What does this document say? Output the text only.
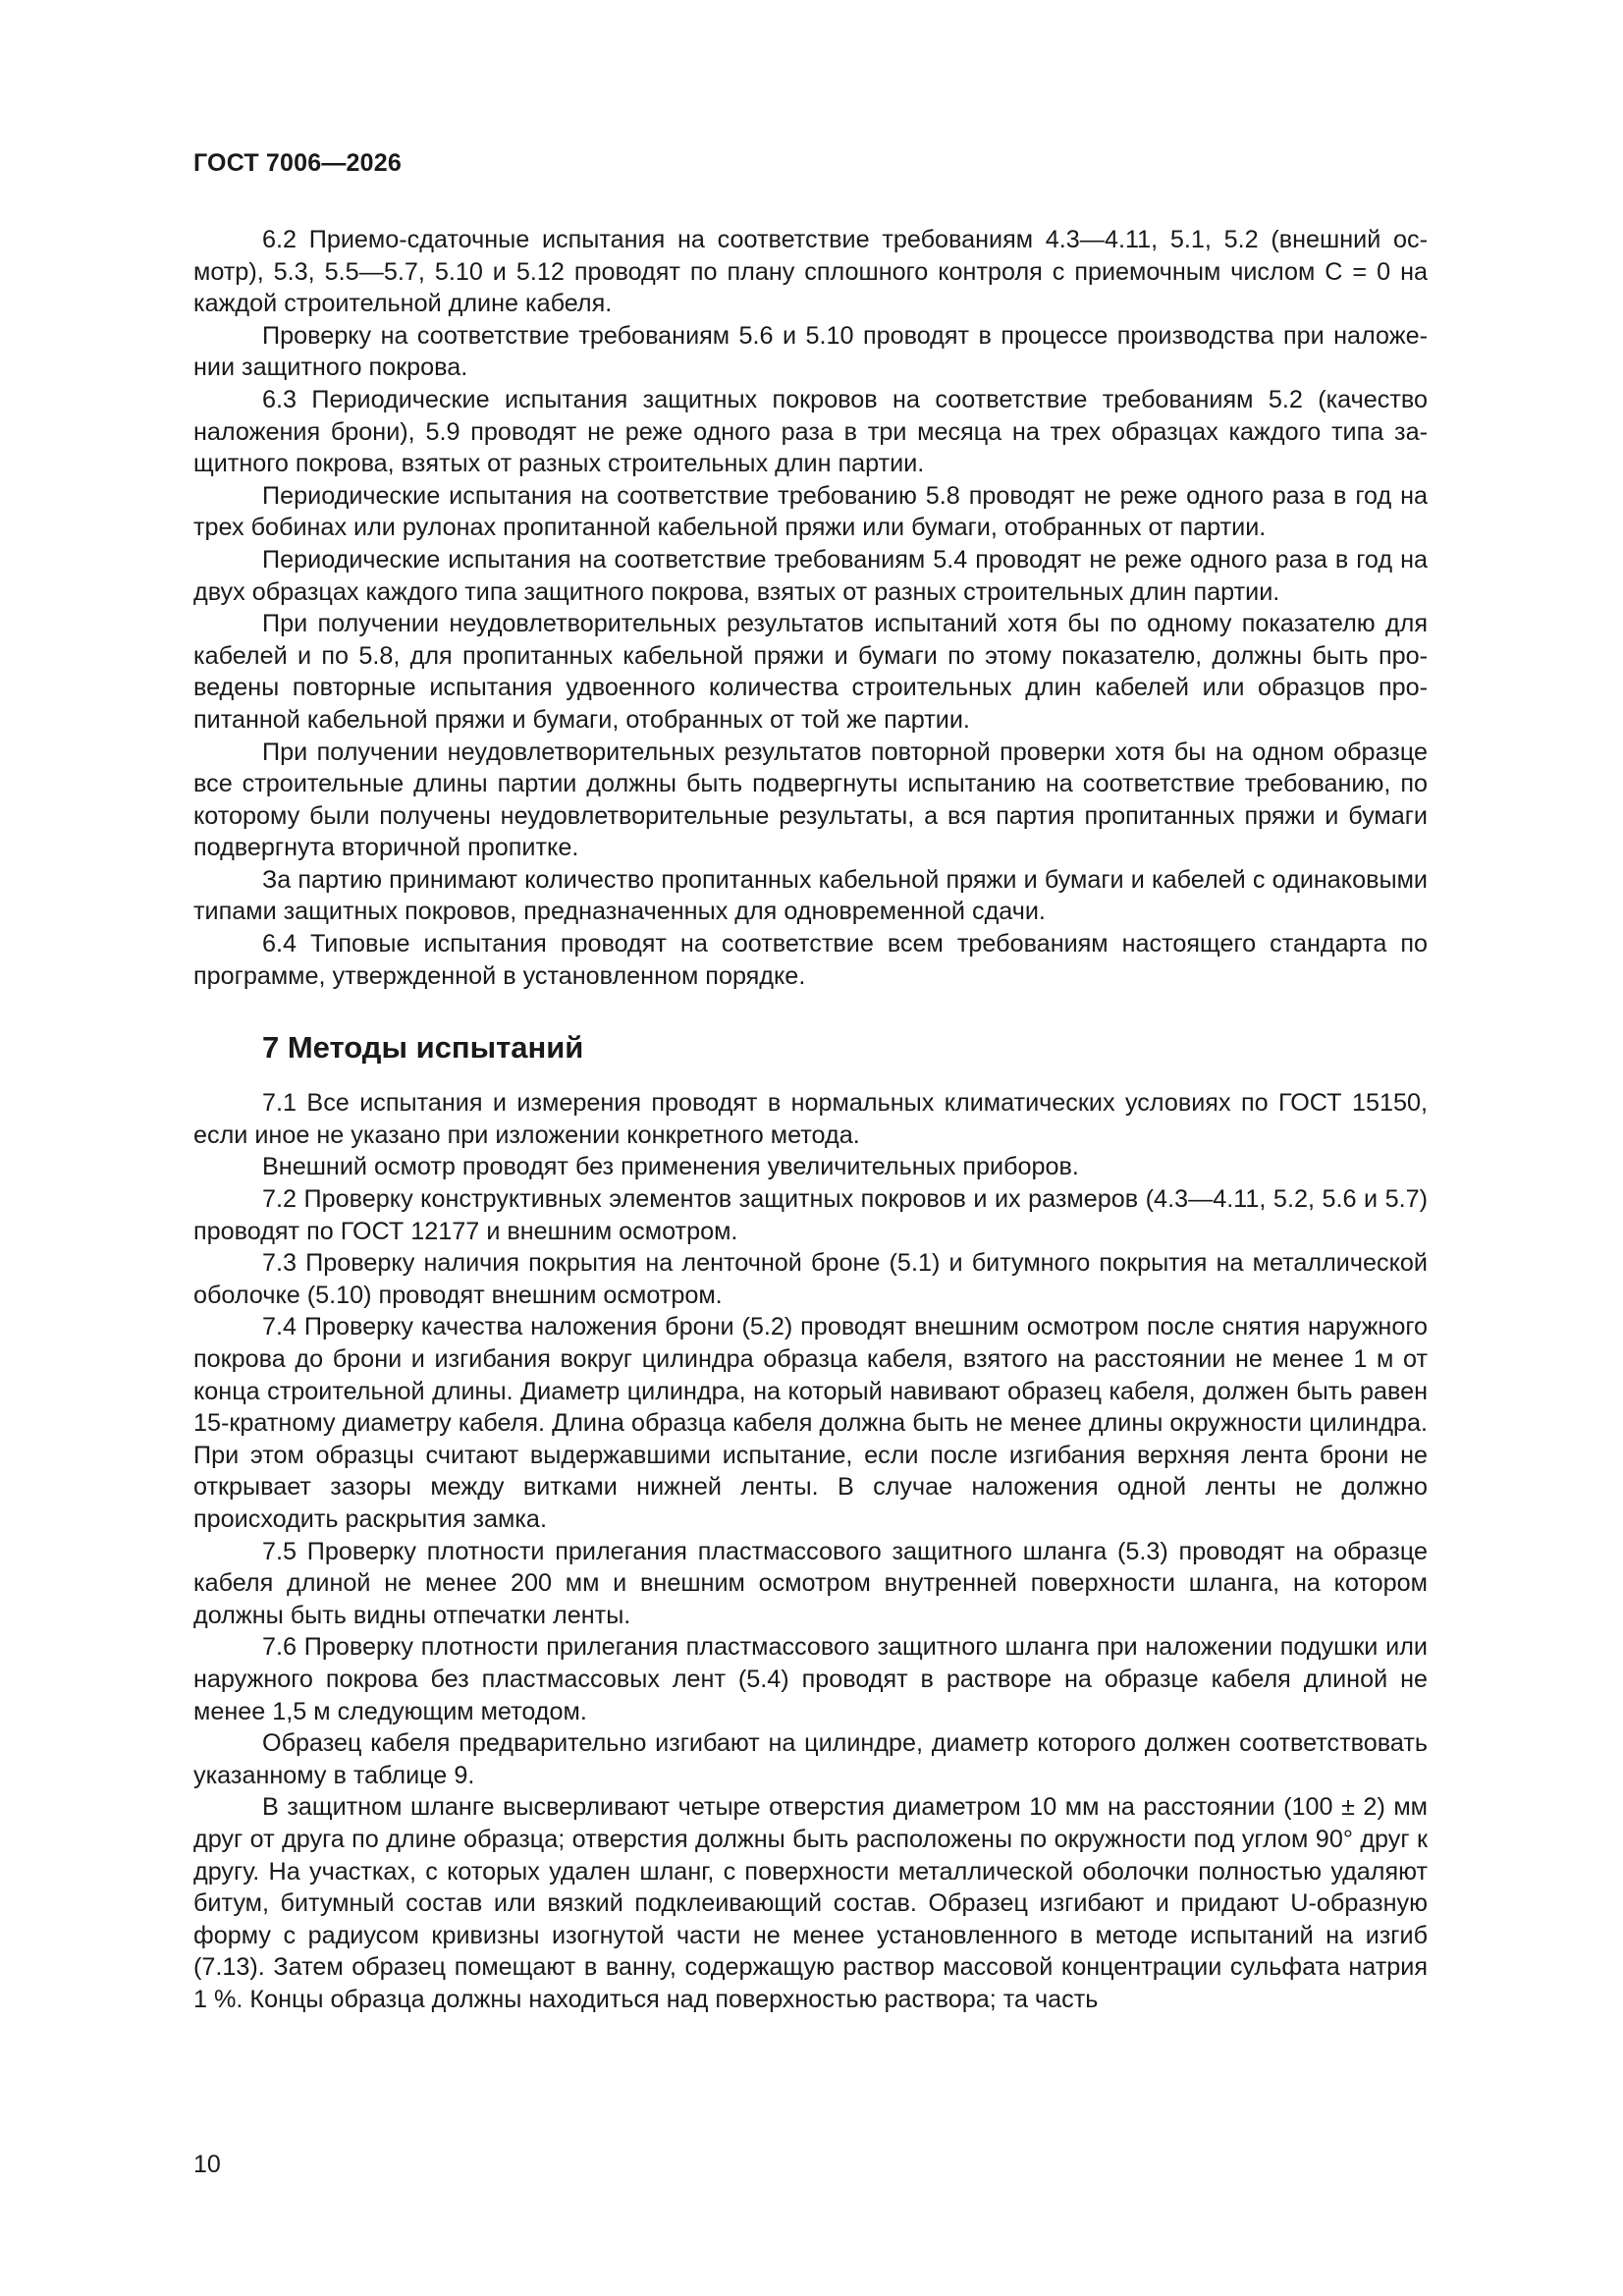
ГОСТ 7006—2026

6.2 Приемо-сдаточные испытания на соответствие требованиям 4.3—4.11, 5.1, 5.2 (внешний осмотр), 5.3, 5.5—5.7, 5.10 и 5.12 проводят по плану сплошного контроля с приемочным числом C = 0 на каждой строительной длине кабеля.

Проверку на соответствие требованиям 5.6 и 5.10 проводят в процессе производства при наложении защитного покрова.

6.3 Периодические испытания защитных покровов на соответствие требованиям 5.2 (качество наложения брони), 5.9 проводят не реже одного раза в три месяца на трех образцах каждого типа защитного покрова, взятых от разных строительных длин партии.

Периодические испытания на соответствие требованию 5.8 проводят не реже одного раза в год на трех бобинах или рулонах пропитанной кабельной пряжи или бумаги, отобранных от партии.

Периодические испытания на соответствие требованиям 5.4 проводят не реже одного раза в год на двух образцах каждого типа защитного покрова, взятых от разных строительных длин партии.

При получении неудовлетворительных результатов испытаний хотя бы по одному показателю для кабелей и по 5.8, для пропитанных кабельной пряжи и бумаги по этому показателю, должны быть проведены повторные испытания удвоенного количества строительных длин кабелей или образцов пропитанной кабельной пряжи и бумаги, отобранных от той же партии.

При получении неудовлетворительных результатов повторной проверки хотя бы на одном образце все строительные длины партии должны быть подвергнуты испытанию на соответствие требованию, по которому были получены неудовлетворительные результаты, а вся партия пропитанных пряжи и бумаги подвергнута вторичной пропитке.

За партию принимают количество пропитанных кабельной пряжи и бумаги и кабелей с одинаковыми типами защитных покровов, предназначенных для одновременной сдачи.

6.4 Типовые испытания проводят на соответствие всем требованиям настоящего стандарта по программе, утвержденной в установленном порядке.

7 Методы испытаний

7.1 Все испытания и измерения проводят в нормальных климатических условиях по ГОСТ 15150, если иное не указано при изложении конкретного метода.

Внешний осмотр проводят без применения увеличительных приборов.

7.2 Проверку конструктивных элементов защитных покровов и их размеров (4.3—4.11, 5.2, 5.6 и 5.7) проводят по ГОСТ 12177 и внешним осмотром.

7.3 Проверку наличия покрытия на ленточной броне (5.1) и битумного покрытия на металлической оболочке (5.10) проводят внешним осмотром.

7.4 Проверку качества наложения брони (5.2) проводят внешним осмотром после снятия наружного покрова до брони и изгибания вокруг цилиндра образца кабеля, взятого на расстоянии не менее 1 м от конца строительной длины. Диаметр цилиндра, на который навивают образец кабеля, должен быть равен 15-кратному диаметру кабеля. Длина образца кабеля должна быть не менее длины окружности цилиндра. При этом образцы считают выдержавшими испытание, если после изгибания верхняя лента брони не открывает зазоры между витками нижней ленты. В случае наложения одной ленты не должно происходить раскрытия замка.

7.5 Проверку плотности прилегания пластмассового защитного шланга (5.3) проводят на образце кабеля длиной не менее 200 мм и внешним осмотром внутренней поверхности шланга, на котором должны быть видны отпечатки ленты.

7.6 Проверку плотности прилегания пластмассового защитного шланга при наложении подушки или наружного покрова без пластмассовых лент (5.4) проводят в растворе на образце кабеля длиной не менее 1,5 м следующим методом.

Образец кабеля предварительно изгибают на цилиндре, диаметр которого должен соответствовать указанному в таблице 9.

В защитном шланге высверливают четыре отверстия диаметром 10 мм на расстоянии (100 ± 2) мм друг от друга по длине образца; отверстия должны быть расположены по окружности под углом 90° друг к другу. На участках, с которых удален шланг, с поверхности металлической оболочки полностью удаляют битум, битумный состав или вязкий подклеивающий состав. Образец изгибают и придают U-образную форму с радиусом кривизны изогнутой части не менее установленного в методе испытаний на изгиб (7.13). Затем образец помещают в ванну, содержащую раствор массовой концентрации сульфата натрия 1 %. Концы образца должны находиться над поверхностью раствора; та часть

10
